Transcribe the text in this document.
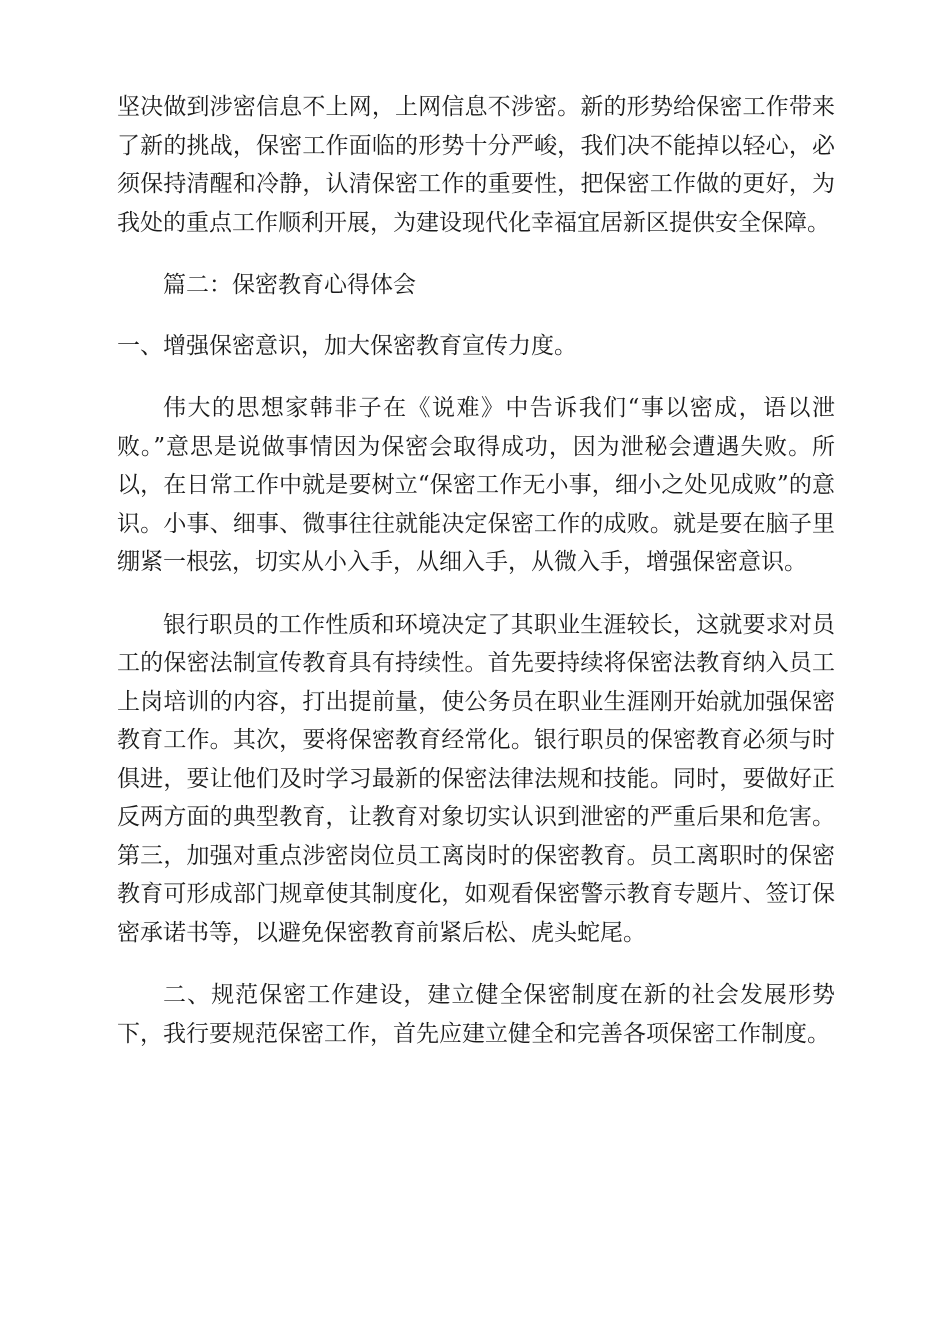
坚决做到涉密信息不上网，上网信息不涉密。新的形势给保密工作带来了新的挑战，保密工作面临的形势十分严峻，我们决不能掉以轻心，必须保持清醒和冷静，认清保密工作的重要性，把保密工作做的更好，为我处的重点工作顺利开展，为建设现代化幸福宜居新区提供安全保障。

篇二：保密教育心得体会

一、增强保密意识，加大保密教育宣传力度。

伟大的思想家韩非子在《说难》中告诉我们“事以密成，语以泄败。”意思是说做事情因为保密会取得成功，因为泄秘会遭遇失败。所以，在日常工作中就是要树立“保密工作无小事，细小之处见成败”的意识。小事、细事、微事往往就能决定保密工作的成败。就是要在脑子里绷紧一根弦，切实从小入手，从细入手，从微入手，增强保密意识。

银行职员的工作性质和环境决定了其职业生涯较长，这就要求对员工的保密法制宣传教育具有持续性。首先要持续将保密法教育纳入员工上岗培训的内容，打出提前量，使公务员在职业生涯刚开始就加强保密教育工作。其次，要将保密教育经常化。银行职员的保密教育必须与时俱进，要让他们及时学习最新的保密法律法规和技能。同时，要做好正反两方面的典型教育，让教育对象切实认识到泄密的严重后果和危害。第三，加强对重点涉密岗位员工离岗时的保密教育。员工离职时的保密教育可形成部门规章使其制度化，如观看保密警示教育专题片、签订保密承诺书等，以避免保密教育前紧后松、虎头蛇尾。

二、规范保密工作建设，建立健全保密制度在新的社会发展形势下，我行要规范保密工作，首先应建立健全和完善各项保密工作制度。
